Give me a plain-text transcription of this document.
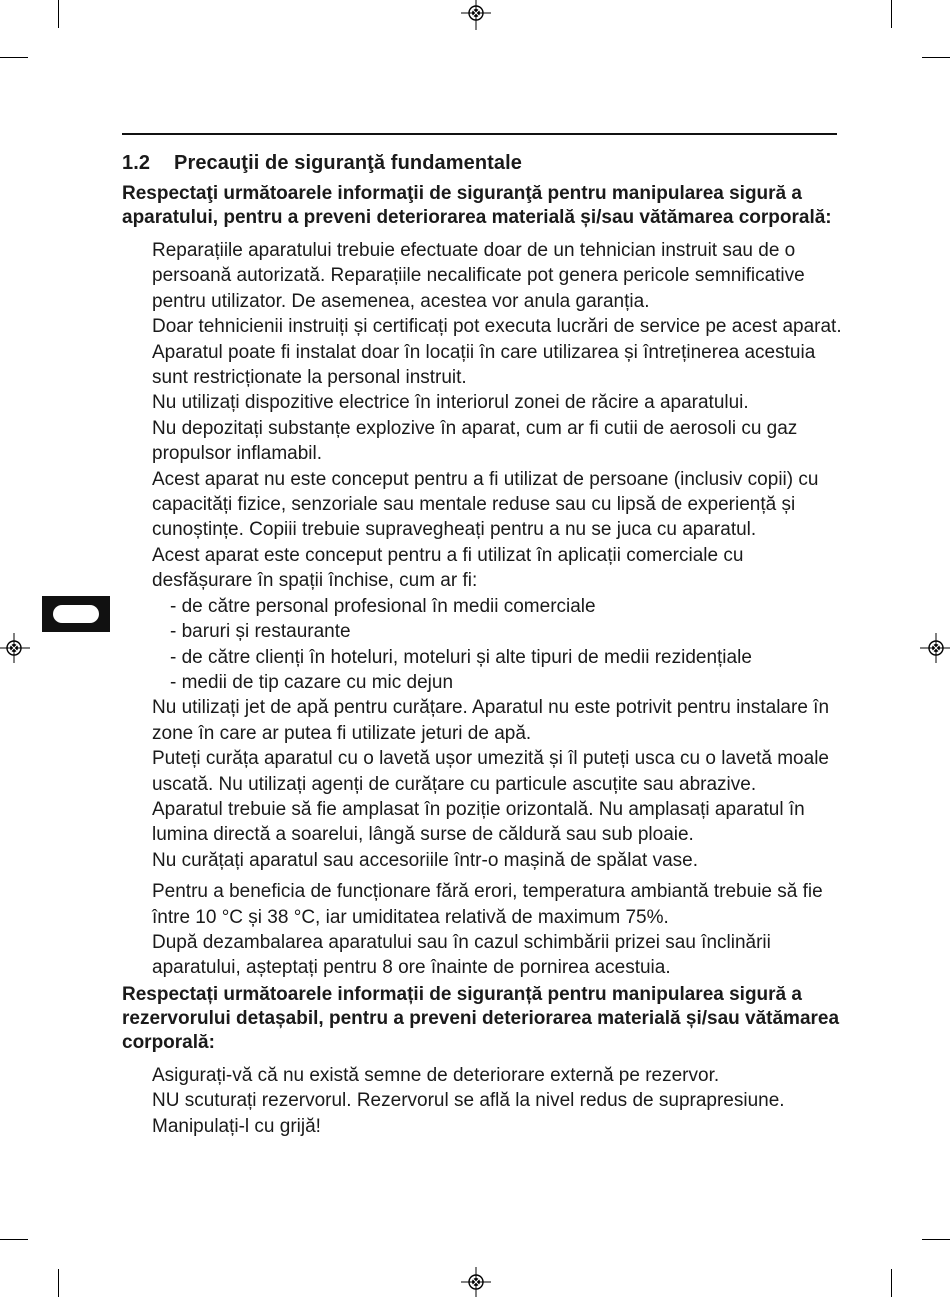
1.2 Precauţii de siguranţă fundamentale

Respectaţi următoarele informaţii de siguranţă pentru manipularea sigură a aparatului, pentru a preveni deteriorarea materială și/sau vătămarea corporală:

Reparațiile aparatului trebuie efectuate doar de un tehnician instruit sau de o persoană autorizată. Reparațiile necalificate pot genera pericole semnificative pentru utilizator. De asemenea, acestea vor anula garanția.
Doar tehnicienii instruiți și certificați pot executa lucrări de service pe acest aparat. Aparatul poate fi instalat doar în locații în care utilizarea și întreținerea acestuia sunt restricționate la personal instruit.
Nu utilizați dispozitive electrice în interiorul zonei de răcire a aparatului.
Nu depozitați substanțe explozive în aparat, cum ar fi cutii de aerosoli cu gaz propulsor inflamabil.
Acest aparat nu este conceput pentru a fi utilizat de persoane (inclusiv copii) cu capacități fizice, senzoriale sau mentale reduse sau cu lipsă de experiență și cunoștințe. Copiii trebuie supravegheați pentru a nu se juca cu aparatul.
Acest aparat este conceput pentru a fi utilizat în aplicații comerciale cu desfășurare în spații închise, cum ar fi:
- de către personal profesional în medii comerciale
- baruri și restaurante
- de către clienți în hoteluri, moteluri și alte tipuri de medii rezidențiale
- medii de tip cazare cu mic dejun
Nu utilizați jet de apă pentru curățare. Aparatul nu este potrivit pentru instalare în zone în care ar putea fi utilizate jeturi de apă.
Puteți curăța aparatul cu o lavetă ușor umezită și îl puteți usca cu o lavetă moale uscată. Nu utilizați agenți de curățare cu particule ascuțite sau abrazive.
Aparatul trebuie să fie amplasat în poziție orizontală. Nu amplasați aparatul în lumina directă a soarelui, lângă surse de căldură sau sub ploaie.
Nu curățați aparatul sau accesoriile într-o mașină de spălat vase.
Pentru a beneficia de funcționare fără erori, temperatura ambiantă trebuie să fie între 10 °C și 38 °C, iar umiditatea relativă de maximum 75%.
După dezambalarea aparatului sau în cazul schimbării prizei sau înclinării aparatului, așteptați pentru 8 ore înainte de pornirea acestuia.

Respectați următoarele informații de siguranță pentru manipularea sigură a rezervorului detașabil, pentru a preveni deteriorarea materială și/sau vătămarea corporală:

Asigurați-vă că nu există semne de deteriorare externă pe rezervor.
NU scuturați rezervorul. Rezervorul se află la nivel redus de suprapresiune. Manipulați-l cu grijă!
